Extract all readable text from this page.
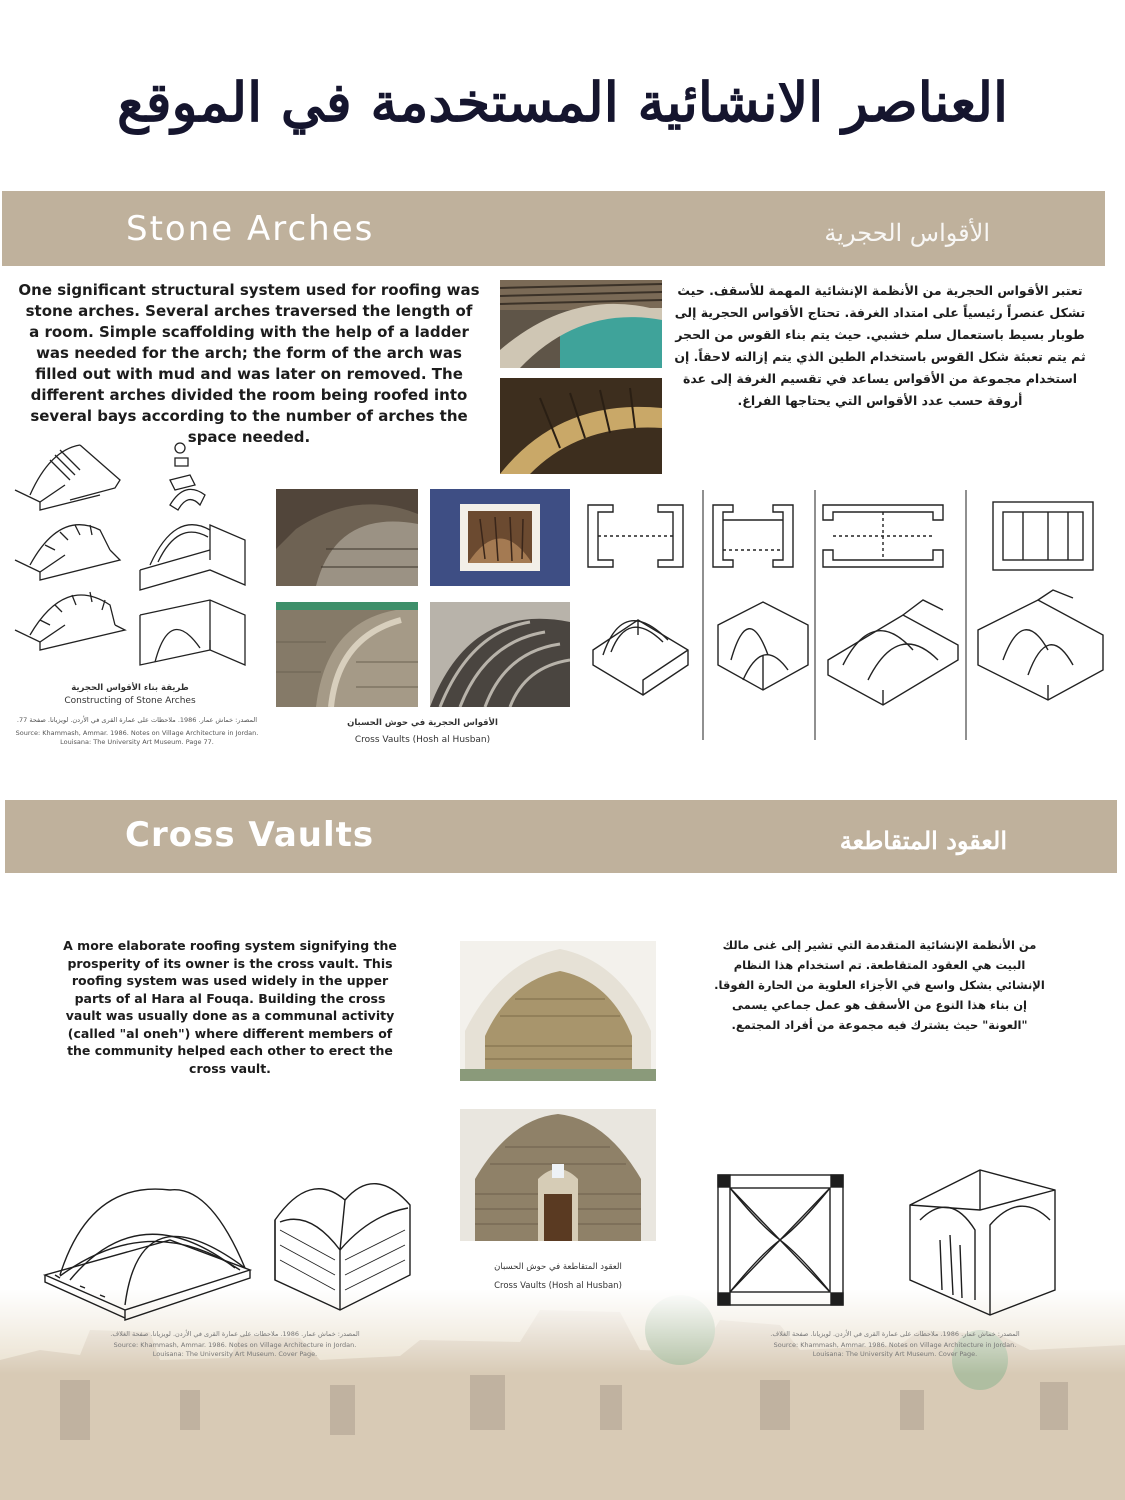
العناصر الانشائية المستخدمة في الموقع
Stone Arches	الأقواس الحجرية
One significant structural system used for roofing was stone arches. Several arches traversed the length of a room. Simple scaffolding with the help of a ladder was needed for the arch; the form of the arch was filled out with mud and was later on removed. The different arches divided the room being roofed into several bays according to the number of arches the space needed.
تعتبر الأقواس الحجرية من الأنظمة الإنشائية المهمة للأسقف. حيث تشكل عنصراً رئيسياً على امتداد الغرفة. تحتاج الأقواس الحجرية إلى طوبار بسيط باستعمال سلم خشبي. حيث يتم بناء القوس من الحجر ثم يتم تعبئة شكل القوس باستخدام الطين الذي يتم إزالته لاحقاً. إن استخدام مجموعة من الأقواس يساعد في تقسيم الغرفة إلى عدة أروقة حسب عدد الأقواس التي يحتاجها الفراغ.
طريقة بناء الأقواس الحجرية
Constructing of Stone Arches
المصدر: خماش عمار. 1986. ملاحظات على عمارة القرى في الأردن. لويزيانا. صفحة 77.
Source: Khammash, Ammar. 1986. Notes on Village Architecture in Jordan.
Louisana: The University Art Museum. Page 77.
الأقواس الحجرية في حوش الحسبان
Cross Vaults (Hosh al Husban)
Cross Vaults	العقود المتقاطعة
A more elaborate roofing system signifying the prosperity of its owner is the cross vault. This roofing system was used widely in the upper parts of al Hara al Fouqa. Building the cross vault was usually done as a communal activity (called "al oneh") where different members of the community helped each other to erect the cross vault.
العقود المتقاطعة في حوش الحسبان
Cross Vaults (Hosh al Husban)
من الأنظمة الإنشائية المتقدمة التي تشير إلى غنى مالك البيت هي العقود المتقاطعة. تم استخدام هذا النظام الإنشائي بشكل واسع في الأجزاء العلوية من الحارة الفوقا. إن بناء هذا النوع من الأسقف هو عمل جماعي يسمى "العونة" حيث يشترك فيه مجموعة من أفراد المجتمع.
المصدر: خماش عمار. 1986. ملاحظات على عمارة القرى في الأردن. لويزيانا. صفحة الغلاف.
Source: Khammash, Ammar. 1986. Notes on Village Architecture in Jordan.
Louisana: The University Art Museum. Cover Page.
المصدر: خماش عمار. 1986. ملاحظات على عمارة القرى في الأردن. لويزيانا. صفحة الغلاف.
Source: Khammash, Ammar. 1986. Notes on Village Architecture in Jordan.
Louisana: The University Art Museum. Cover Page.
